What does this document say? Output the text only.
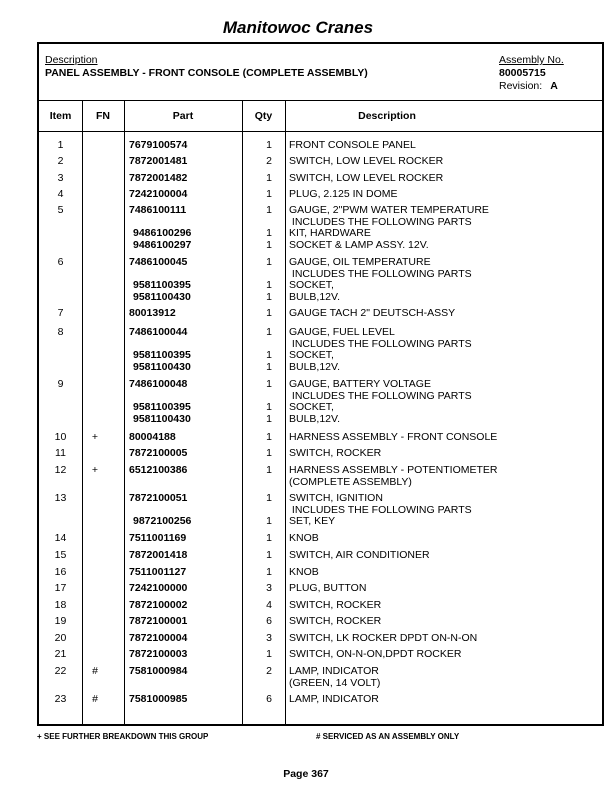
Manitowoc Cranes
Description
PANEL ASSEMBLY - FRONT CONSOLE (COMPLETE ASSEMBLY)
Assembly No.
80005715
Revision: A
Item	FN	Part	Qty	Description
1	7679100574	1	FRONT CONSOLE PANEL
2	7872001481	2	SWITCH, LOW LEVEL ROCKER
3	7872001482	1	SWITCH, LOW LEVEL ROCKER
4	7242100004	1	PLUG, 2.125 IN DOME
5	7486100111	1	GAUGE, 2"PWM WATER TEMPERATURE
INCLUDES THE FOLLOWING PARTS
9486100296	1	KIT, HARDWARE
9486100297	1	SOCKET & LAMP ASSY. 12V.
6	7486100045	1	GAUGE, OIL TEMPERATURE
INCLUDES THE FOLLOWING PARTS
9581100395	1	SOCKET,
9581100430	1	BULB,12V.
7	80013912	1	GAUGE TACH 2" DEUTSCH-ASSY
8	7486100044	1	GAUGE, FUEL LEVEL
INCLUDES THE FOLLOWING PARTS
9581100395	1	SOCKET,
9581100430	1	BULB,12V.
9	7486100048	1	GAUGE, BATTERY VOLTAGE
INCLUDES THE FOLLOWING PARTS
9581100395	1	SOCKET,
9581100430	1	BULB,12V.
10	+	80004188	1	HARNESS ASSEMBLY - FRONT CONSOLE
11	7872100005	1	SWITCH, ROCKER
12	+	6512100386	1	HARNESS ASSEMBLY - POTENTIOMETER
(COMPLETE ASSEMBLY)
13	7872100051	1	SWITCH, IGNITION
INCLUDES THE FOLLOWING PARTS
9872100256	1	SET, KEY
14	7511001169	1	KNOB
15	7872001418	1	SWITCH, AIR CONDITIONER
16	7511001127	1	KNOB
17	7242100000	3	PLUG, BUTTON
18	7872100002	4	SWITCH, ROCKER
19	7872100001	6	SWITCH, ROCKER
20	7872100004	3	SWITCH, LK ROCKER DPDT ON-N-ON
21	7872100003	1	SWITCH, ON-N-ON,DPDT ROCKER
22	#	7581000984	2	LAMP, INDICATOR
(GREEN, 14 VOLT)
23	#	7581000985	6	LAMP, INDICATOR
+ SEE FURTHER BREAKDOWN THIS GROUP	# SERVICED AS AN ASSEMBLY ONLY
Page 367
